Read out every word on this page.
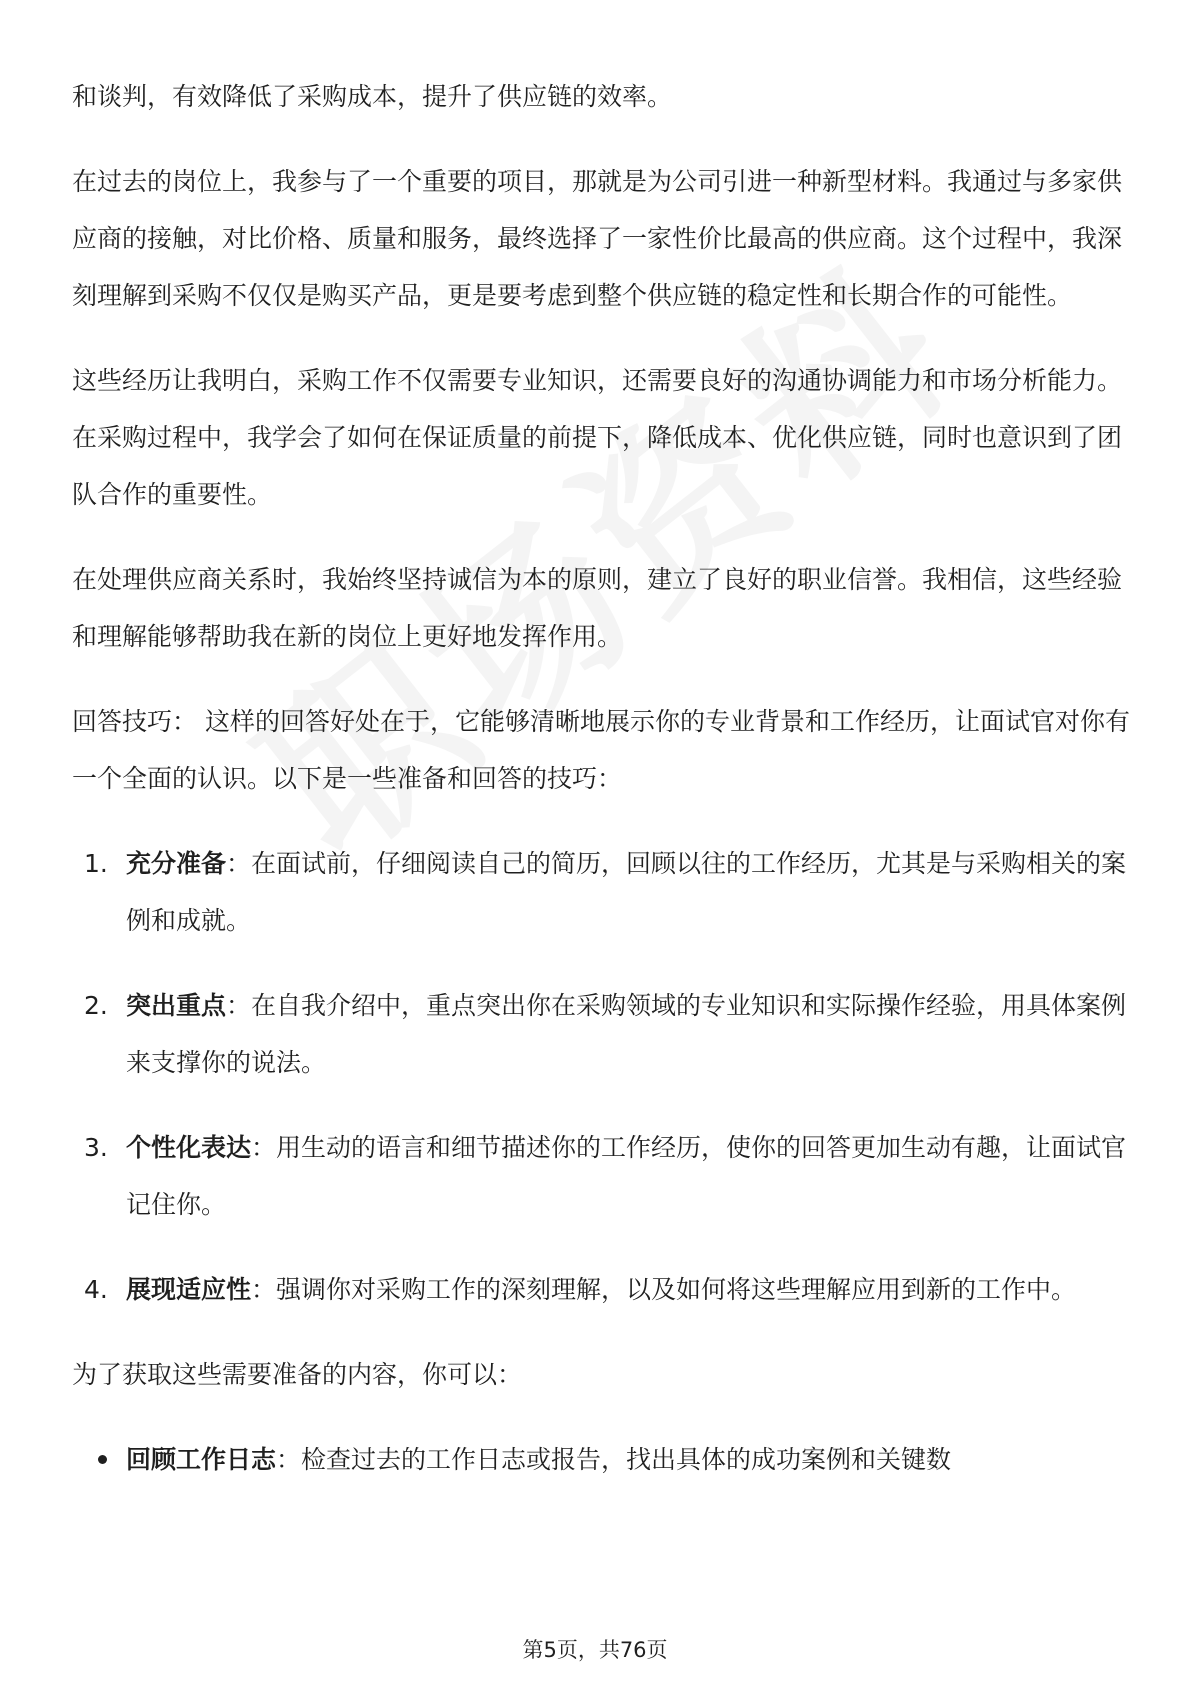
和谈判，有效降低了采购成本，提升了供应链的效率。

在过去的岗位上，我参与了一个重要的项目，那就是为公司引进一种新型材料。我通过与多家供应商的接触，对比价格、质量和服务，最终选择了一家性价比最高的供应商。这个过程中，我深刻理解到采购不仅仅是购买产品，更是要考虑到整个供应链的稳定性和长期合作的可能性。

这些经历让我明白，采购工作不仅需要专业知识，还需要良好的沟通协调能力和市场分析能力。在采购过程中，我学会了如何在保证质量的前提下，降低成本、优化供应链，同时也意识到了团队合作的重要性。

在处理供应商关系时，我始终坚持诚信为本的原则，建立了良好的职业信誉。我相信，这些经验和理解能够帮助我在新的岗位上更好地发挥作用。

回答技巧： 这样的回答好处在于，它能够清晰地展示你的专业背景和工作经历，让面试官对你有一个全面的认识。以下是一些准备和回答的技巧：

1. 充分准备：在面试前，仔细阅读自己的简历，回顾以往的工作经历，尤其是与采购相关的案例和成就。
2. 突出重点：在自我介绍中，重点突出你在采购领域的专业知识和实际操作经验，用具体案例来支撑你的说法。
3. 个性化表达：用生动的语言和细节描述你的工作经历，使你的回答更加生动有趣，让面试官记住你。
4. 展现适应性：强调你对采购工作的深刻理解，以及如何将这些理解应用到新的工作中。

为了获取这些需要准备的内容，你可以：

回顾工作日志：检查过去的工作日志或报告，找出具体的成功案例和关键数
第5页，共76页
